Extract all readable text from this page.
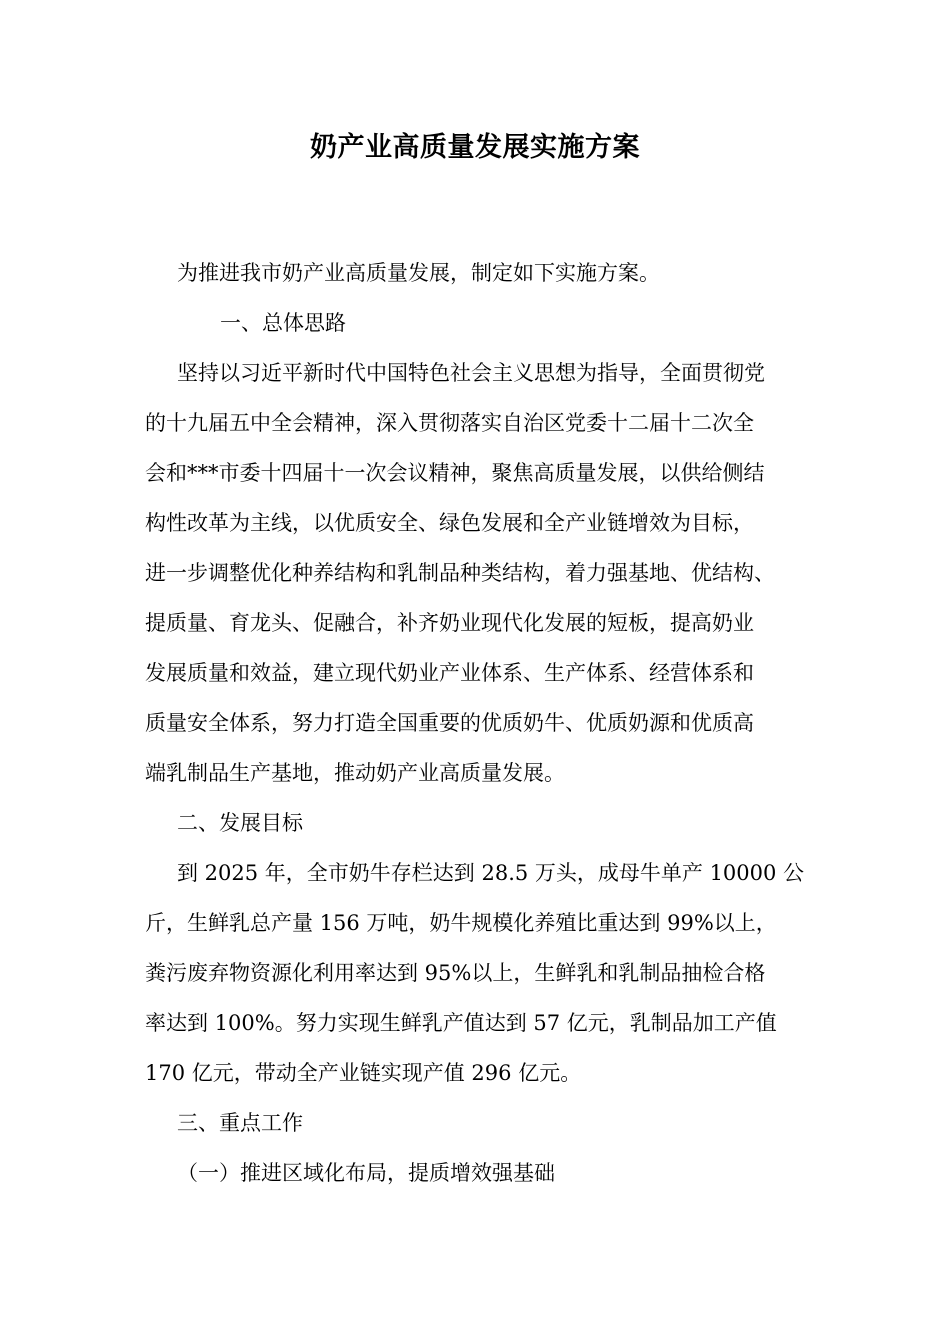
奶产业高质量发展实施方案
为推进我市奶产业高质量发展，制定如下实施方案。
一、总体思路
坚持以习近平新时代中国特色社会主义思想为指导，全面贯彻党
的十九届五中全会精神，深入贯彻落实自治区党委十二届十二次全
会和***市委十四届十一次会议精神，聚焦高质量发展，以供给侧结
构性改革为主线，以优质安全、绿色发展和全产业链增效为目标，
进一步调整优化种养结构和乳制品种类结构，着力强基地、优结构、
提质量、育龙头、促融合，补齐奶业现代化发展的短板，提高奶业
发展质量和效益，建立现代奶业产业体系、生产体系、经营体系和
质量安全体系，努力打造全国重要的优质奶牛、优质奶源和优质高
端乳制品生产基地，推动奶产业高质量发展。
二、发展目标
到 2025 年，全市奶牛存栏达到 28.5 万头，成母牛单产 10000 公
斤，生鲜乳总产量 156 万吨，奶牛规模化养殖比重达到 99%以上，
粪污废弃物资源化利用率达到 95%以上，生鲜乳和乳制品抽检合格
率达到 100%。努力实现生鲜乳产值达到 57 亿元，乳制品加工产值
170 亿元，带动全产业链实现产值 296 亿元。
三、重点工作
（一）推进区域化布局，提质增效强基础
